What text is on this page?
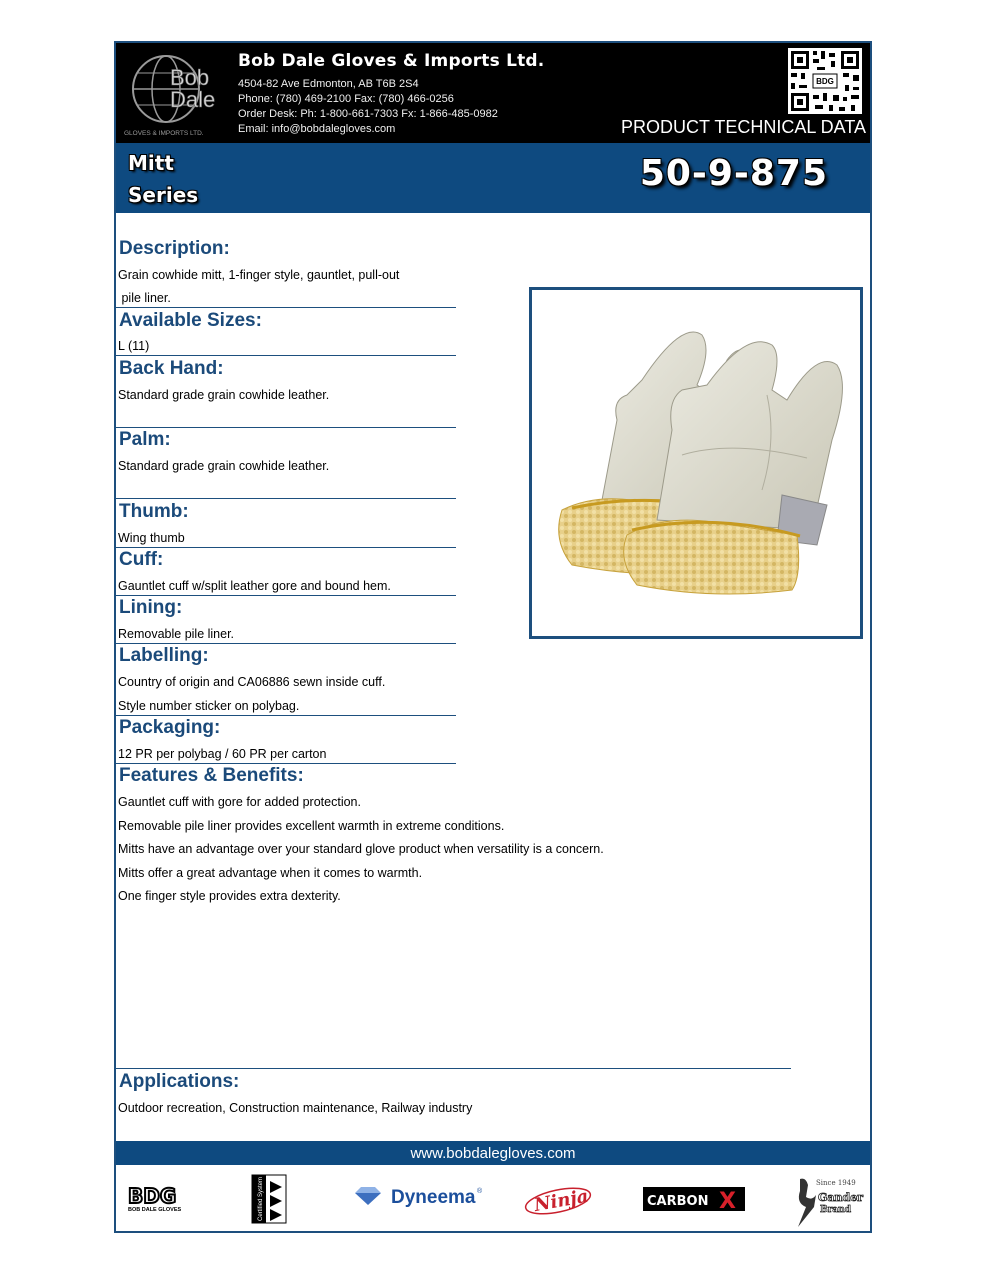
Bob
Dale
GLOVES & IMPORTS LTD.
Bob Dale Gloves & Imports Ltd.
4504-82 Ave Edmonton, AB T6B 2S4
Phone: (780) 469-2100 Fax: (780) 466-0256
Order Desk: Ph: 1-800-661-7303 Fx: 1-866-485-0982
Email: info@bobdalegloves.com
BDG
PRODUCT TECHNICAL DATA
Mitt
Series
50-9-875
Description:
Grain cowhide mitt, 1-finger style, gauntlet, pull-out
pile liner.
Available Sizes:
L (11)
Back Hand:
Standard grade grain cowhide leather.
Palm:
Standard grade grain cowhide leather.
Thumb:
Wing thumb
Cuff:
Gauntlet cuff w/split leather gore and bound hem.
Lining:
Removable pile liner.
Labelling:
Country of origin and CA06886 sewn inside cuff.
Style number sticker on polybag.
Packaging:
12 PR per polybag / 60 PR per carton
Features & Benefits:
Gauntlet cuff with gore for added protection.
Removable pile liner provides excellent warmth in extreme conditions.
Mitts have an advantage over your standard glove product when versatility is a concern.
Mitts offer a great advantage when it comes to warmth.
One finger style provides extra dexterity.
Applications:
Outdoor recreation, Construction maintenance, Railway industry
www.bobdalegloves.com
BDG
BOB DALE GLOVES	Certified System	Dyneema ®	Ninja	CARBON X
Since 1949
Gander
Brand
